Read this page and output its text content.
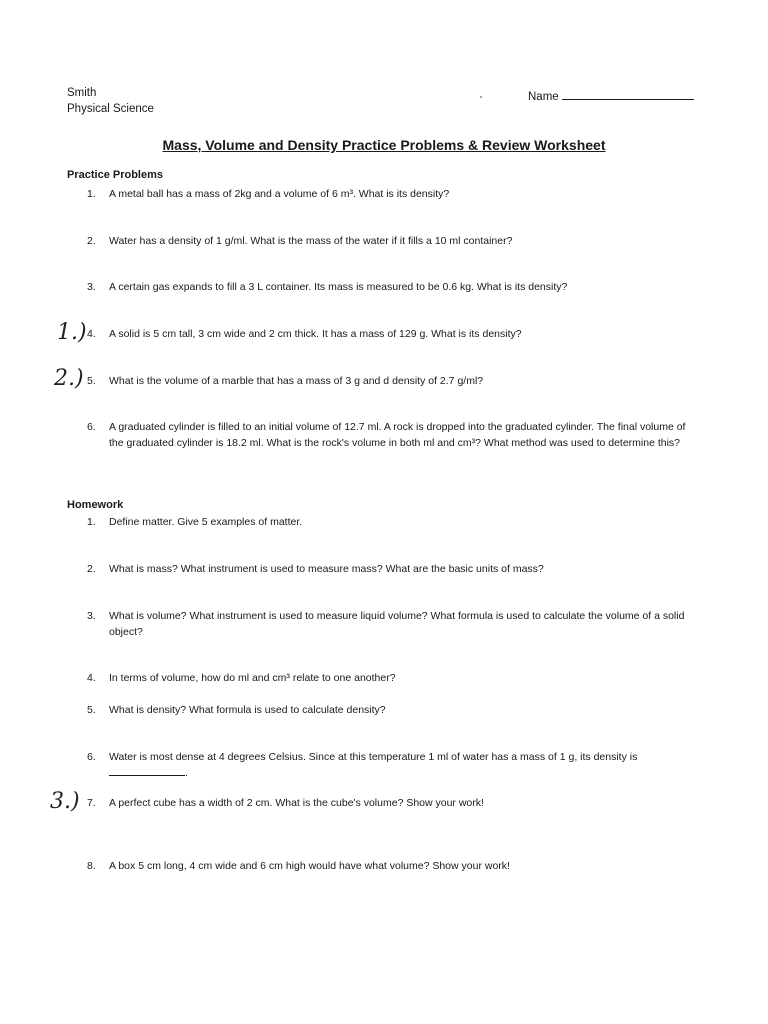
Smith
Physical Science
Name
Mass, Volume and Density Practice Problems & Review Worksheet
Practice Problems
1.	A metal ball has a mass of 2kg and a volume of 6 m³. What is its density?
2.	Water has a density of 1 g/ml. What is the mass of the water if it fills a 10 ml container?
3.	A certain gas expands to fill a 3 L container. Its mass is measured to be 0.6 kg. What is its density?
4.	A solid is 5 cm tall, 3 cm wide and 2 cm thick. It has a mass of 129 g. What is its density?
5.	What is the volume of a marble that has a mass of 3 g and d density of 2.7 g/ml?
6.	A graduated cylinder is filled to an initial volume of 12.7 ml. A rock is dropped into the graduated cylinder. The final volume of the graduated cylinder is 18.2 ml. What is the rock's volume in both ml and cm³? What method was used to determine this?
Homework
1.	Define matter. Give 5 examples of matter.
2.	What is mass? What instrument is used to measure mass? What are the basic units of mass?
3.	What is volume? What instrument is used to measure liquid volume? What formula is used to calculate the volume of a solid object?
4.	In terms of volume, how do ml and cm³ relate to one another?
5.	What is density? What formula is used to calculate density?
6.	Water is most dense at 4 degrees Celsius. Since at this temperature 1 ml of water has a mass of 1 g, its density is
.
7.	A perfect cube has a width of 2 cm. What is the cube's volume? Show your work!
8.	A box 5 cm long, 4 cm wide and 6 cm high would have what volume? Show your work!
1.)
2.)
3.)
